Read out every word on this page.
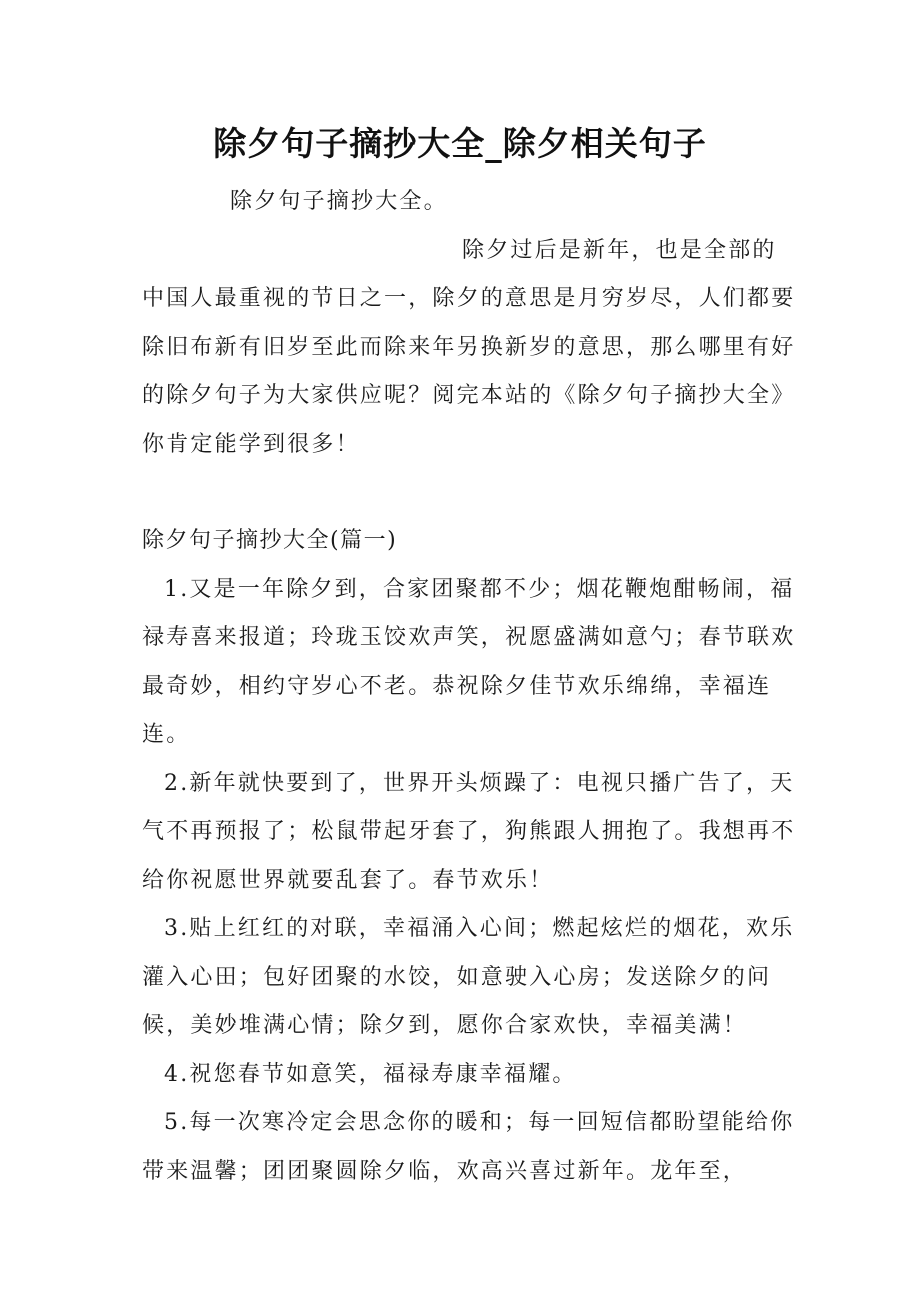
除夕句子摘抄大全_除夕相关句子

除夕句子摘抄大全。

除夕过后是新年，也是全部的中国人最重视的节日之一，除夕的意思是月穷岁尽，人们都要除旧布新有旧岁至此而除来年另换新岁的意思，那么哪里有好的除夕句子为大家供应呢？阅完本站的《除夕句子摘抄大全》你肯定能学到很多！

除夕句子摘抄大全(篇一)

1.又是一年除夕到，合家团聚都不少；烟花鞭炮酣畅闹，福禄寿喜来报道；玲珑玉饺欢声笑，祝愿盛满如意勺；春节联欢最奇妙，相约守岁心不老。恭祝除夕佳节欢乐绵绵，幸福连连。

2.新年就快要到了，世界开头烦躁了：电视只播广告了，天气不再预报了；松鼠带起牙套了，狗熊跟人拥抱了。我想再不给你祝愿世界就要乱套了。春节欢乐！

3.贴上红红的对联，幸福涌入心间；燃起炫烂的烟花，欢乐灌入心田；包好团聚的水饺，如意驶入心房；发送除夕的问候，美妙堆满心情；除夕到，愿你合家欢快，幸福美满！

4.祝您春节如意笑，福禄寿康幸福耀。

5.每一次寒冷定会思念你的暖和；每一回短信都盼望能给你带来温馨；团团聚圆除夕临，欢高兴喜过新年。龙年至，
